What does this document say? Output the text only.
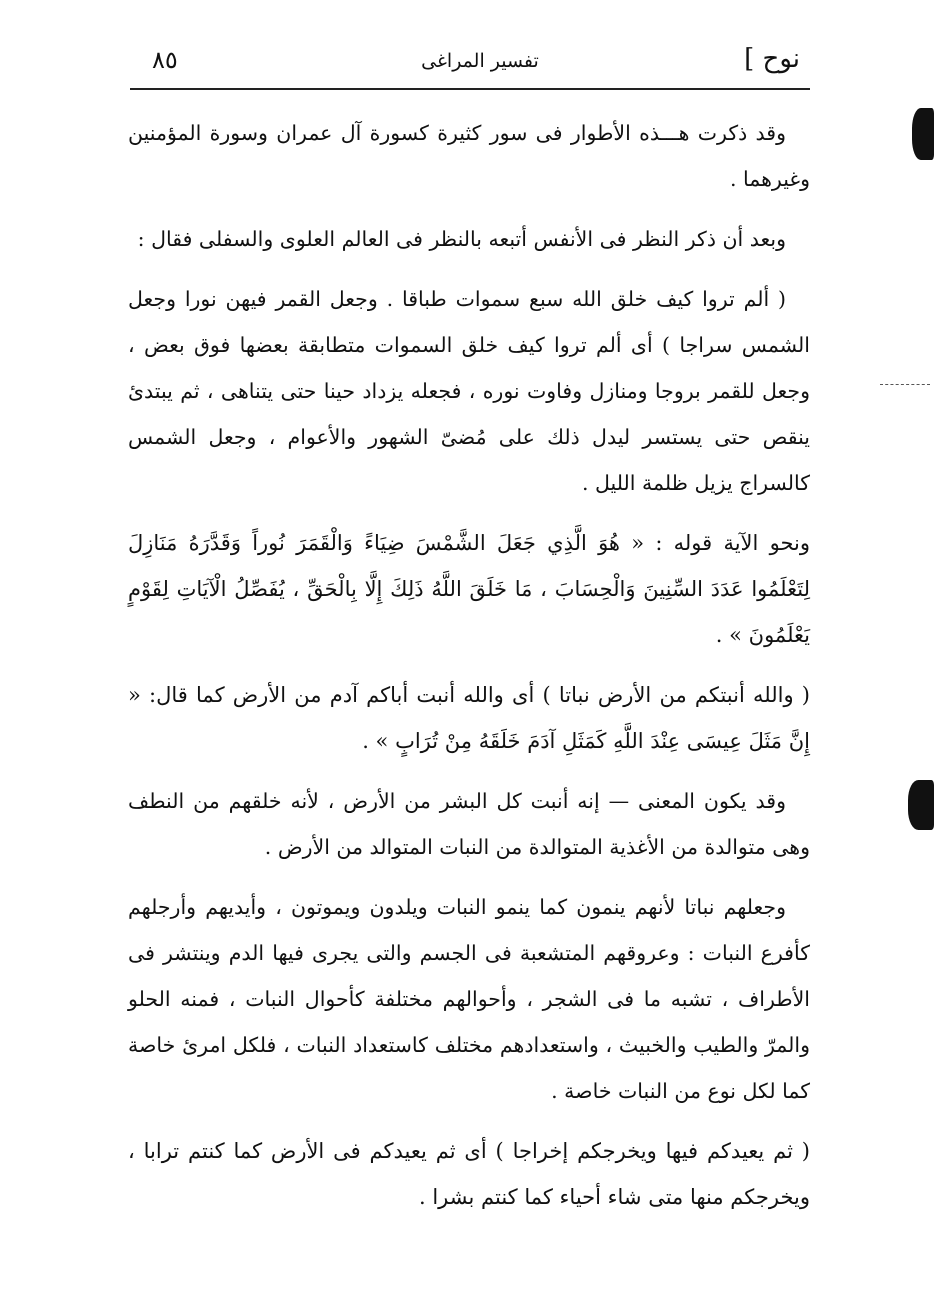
٨٥	تفسير المراغى	نوح ]

وقد ذكرت هـــذه الأطوار فى سور كثيرة كسورة آل عمران وسورة المؤمنين وغيرهما .

وبعد أن ذكر النظر فى الأنفس أتبعه بالنظر فى العالم العلوى والسفلى فقال :

( ألم تروا كيف خلق الله سبع سموات طباقا . وجعل القمر فيهن نورا وجعل الشمس سراجا ) أى ألم تروا كيف خلق السموات متطابقة بعضها فوق بعض ، وجعل للقمر بروجا ومنازل وفاوت نوره ، فجعله يزداد حينا حتى يتناهى ، ثم يبتدئ ينقص حتى يستسر ليدل ذلك على مُضىّ الشهور والأعوام ، وجعل الشمس كالسراج يزيل ظلمة الليل .

ونحو الآية قوله : « هُوَ الَّذِي جَعَلَ الشَّمْسَ ضِيَاءً وَالْقَمَرَ نُوراً وَقَدَّرَهُ مَنَازِلَ لِتَعْلَمُوا عَدَدَ السِّنِينَ وَالْحِسَابَ ، مَا خَلَقَ اللَّهُ ذَلِكَ إِلَّا بِالْحَقِّ ، يُفَصِّلُ الْآيَاتِ لِقَوْمٍ يَعْلَمُونَ » .

( والله أنبتكم من الأرض نباتا ) أى والله أنبت أباكم آدم من الأرض كما قال: « إِنَّ مَثَلَ عِيسَى عِنْدَ اللَّهِ كَمَثَلِ آدَمَ خَلَقَهُ مِنْ تُرَابٍ » .

وقد يكون المعنى — إنه أنبت كل البشر من الأرض ، لأنه خلقهم من النطف وهى متوالدة من الأغذية المتوالدة من النبات المتوالد من الأرض .

وجعلهم نباتا لأنهم ينمون كما ينمو النبات ويلدون ويموتون ، وأيديهم وأرجلهم كأفرع النبات : وعروقهم المتشعبة فى الجسم والتى يجرى فيها الدم وينتشر فى الأطراف ، تشبه ما فى الشجر ، وأحوالهم مختلفة كأحوال النبات ، فمنه الحلو والمرّ والطيب والخبيث ، واستعدادهم مختلف كاستعداد النبات ، فلكل امرئ خاصة كما لكل نوع من النبات خاصة .

( ثم يعيدكم فيها ويخرجكم إخراجا ) أى ثم يعيدكم فى الأرض كما كنتم ترابا ، ويخرجكم منها متى شاء أحياء كما كنتم بشرا .
